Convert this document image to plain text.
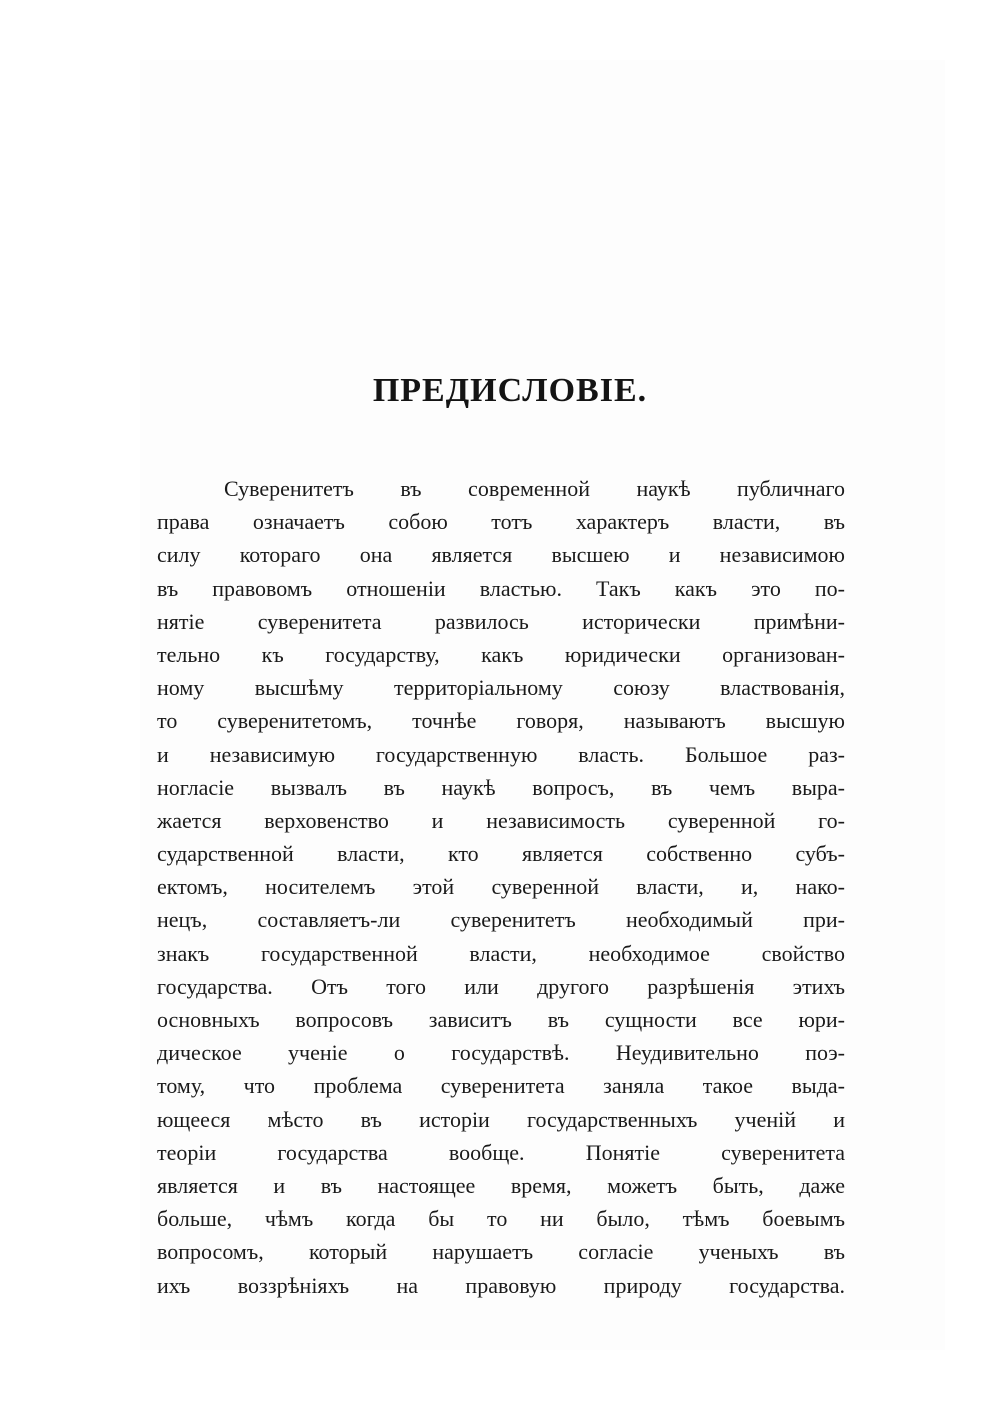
ПРЕДИСЛОВІЕ.
Суверенитетъ въ современной наукѣ публичнаго
права означаетъ собою тотъ характеръ власти, въ
силу котораго она является высшею и независимою
въ правовомъ отношеніи властью. Такъ какъ это по-
нятіе суверенитета развилось исторически примѣни-
тельно къ государству, какъ юридически организован-
ному высшѣму территоріальному союзу властвованія,
то суверенитетомъ, точнѣе говоря, называютъ высшую
и независимую государственную власть. Большое раз-
ногласіе вызвалъ въ наукѣ вопросъ, въ чемъ выра-
жается верховенство и независимость суверенной го-
сударственной власти, кто является собственно субъ-
ектомъ, носителемъ этой суверенной власти, и, нако-
нецъ, составляетъ-ли суверенитетъ необходимый при-
знакъ государственной власти, необходимое свойство
государства. Отъ того или другого разрѣшенія этихъ
основныхъ вопросовъ зависитъ въ сущности все юри-
дическое ученіе о государствѣ. Неудивительно поэ-
тому, что проблема суверенитета заняла такое выда-
ющееся мѣсто въ исторіи государственныхъ ученій и
теоріи государства вообще. Понятіе суверенитета
является и въ настоящее время, можетъ быть, даже
больше, чѣмъ когда бы то ни было, тѣмъ боевымъ
вопросомъ, который нарушаетъ согласіе ученыхъ въ
ихъ воззрѣніяхъ на правовую природу государства.
